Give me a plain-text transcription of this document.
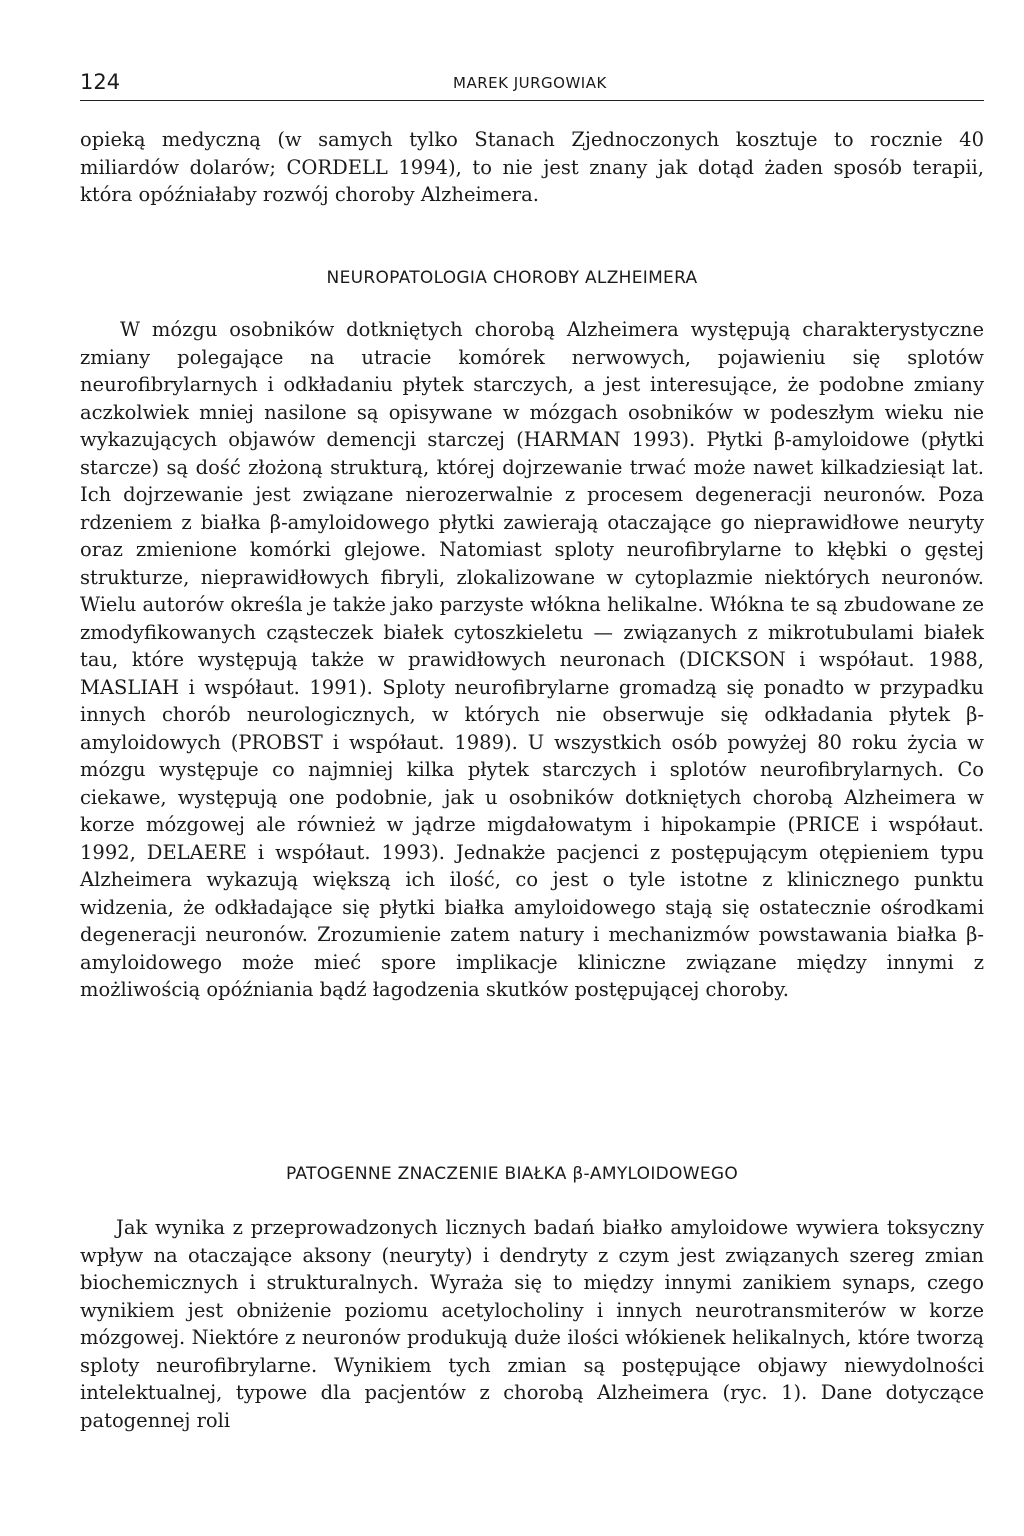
124	MAREK JURGOWIAK

opieką medyczną (w samych tylko Stanach Zjednoczonych kosztuje to rocznie 40 miliardów dolarów; CORDELL 1994), to nie jest znany jak dotąd żaden sposób terapii, która opóźniałaby rozwój choroby Alzheimera.

NEUROPATOLOGIA CHOROBY ALZHEIMERA

W mózgu osobników dotkniętych chorobą Alzheimera występują charakterystyczne zmiany polegające na utracie komórek nerwowych, pojawieniu się splotów neurofibrylarnych i odkładaniu płytek starczych, a jest interesujące, że podobne zmiany aczkolwiek mniej nasilone są opisywane w mózgach osobników w podeszłym wieku nie wykazujących objawów demencji starczej (HARMAN 1993). Płytki β-amyloidowe (płytki starcze) są dość złożoną strukturą, której dojrzewanie trwać może nawet kilkadziesiąt lat. Ich dojrzewanie jest związane nierozerwalnie z procesem degeneracji neuronów. Poza rdzeniem z białka β-amyloidowego płytki zawierają otaczające go nieprawidłowe neuryty oraz zmienione komórki glejowe. Natomiast sploty neurofibrylarne to kłębki o gęstej strukturze, nieprawidłowych fibryli, zlokalizowane w cytoplazmie niektórych neuronów. Wielu autorów określa je także jako parzyste włókna helikalne. Włókna te są zbudowane ze zmodyfikowanych cząsteczek białek cytoszkieletu — związanych z mikrotubulami białek tau, które występują także w prawidłowych neuronach (DICKSON i współaut. 1988, MASLIAH i współaut. 1991). Sploty neurofibrylarne gromadzą się ponadto w przypadku innych chorób neurologicznych, w których nie obserwuje się odkładania płytek β-amyloidowych (PROBST i współaut. 1989). U wszystkich osób powyżej 80 roku życia w mózgu występuje co najmniej kilka płytek starczych i splotów neurofibrylarnych. Co ciekawe, występują one podobnie, jak u osobników dotkniętych chorobą Alzheimera w korze mózgowej ale również w jądrze migdałowatym i hipokampie (PRICE i współaut. 1992, DELAERE i współaut. 1993). Jednakże pacjenci z postępującym otępieniem typu Alzheimera wykazują większą ich ilość, co jest o tyle istotne z klinicznego punktu widzenia, że odkładające się płytki białka amyloidowego stają się ostatecznie ośrodkami degeneracji neuronów. Zrozumienie zatem natury i mechanizmów powstawania białka β-amyloidowego może mieć spore implikacje kliniczne związane między innymi z możliwością opóźniania bądź łagodzenia skutków postępującej choroby.

PATOGENNE ZNACZENIE BIAŁKA β-AMYLOIDOWEGO

Jak wynika z przeprowadzonych licznych badań białko amyloidowe wywiera toksyczny wpływ na otaczające aksony (neuryty) i dendryty z czym jest związanych szereg zmian biochemicznych i strukturalnych. Wyraża się to między innymi zanikiem synaps, czego wynikiem jest obniżenie poziomu acetylocholiny i innych neurotransmiterów w korze mózgowej. Niektóre z neuronów produkują duże ilości włókienek helikalnych, które tworzą sploty neurofibrylarne. Wynikiem tych zmian są postępujące objawy niewydolności intelektualnej, typowe dla pacjentów z chorobą Alzheimera (ryc. 1). Dane dotyczące patogennej roli
